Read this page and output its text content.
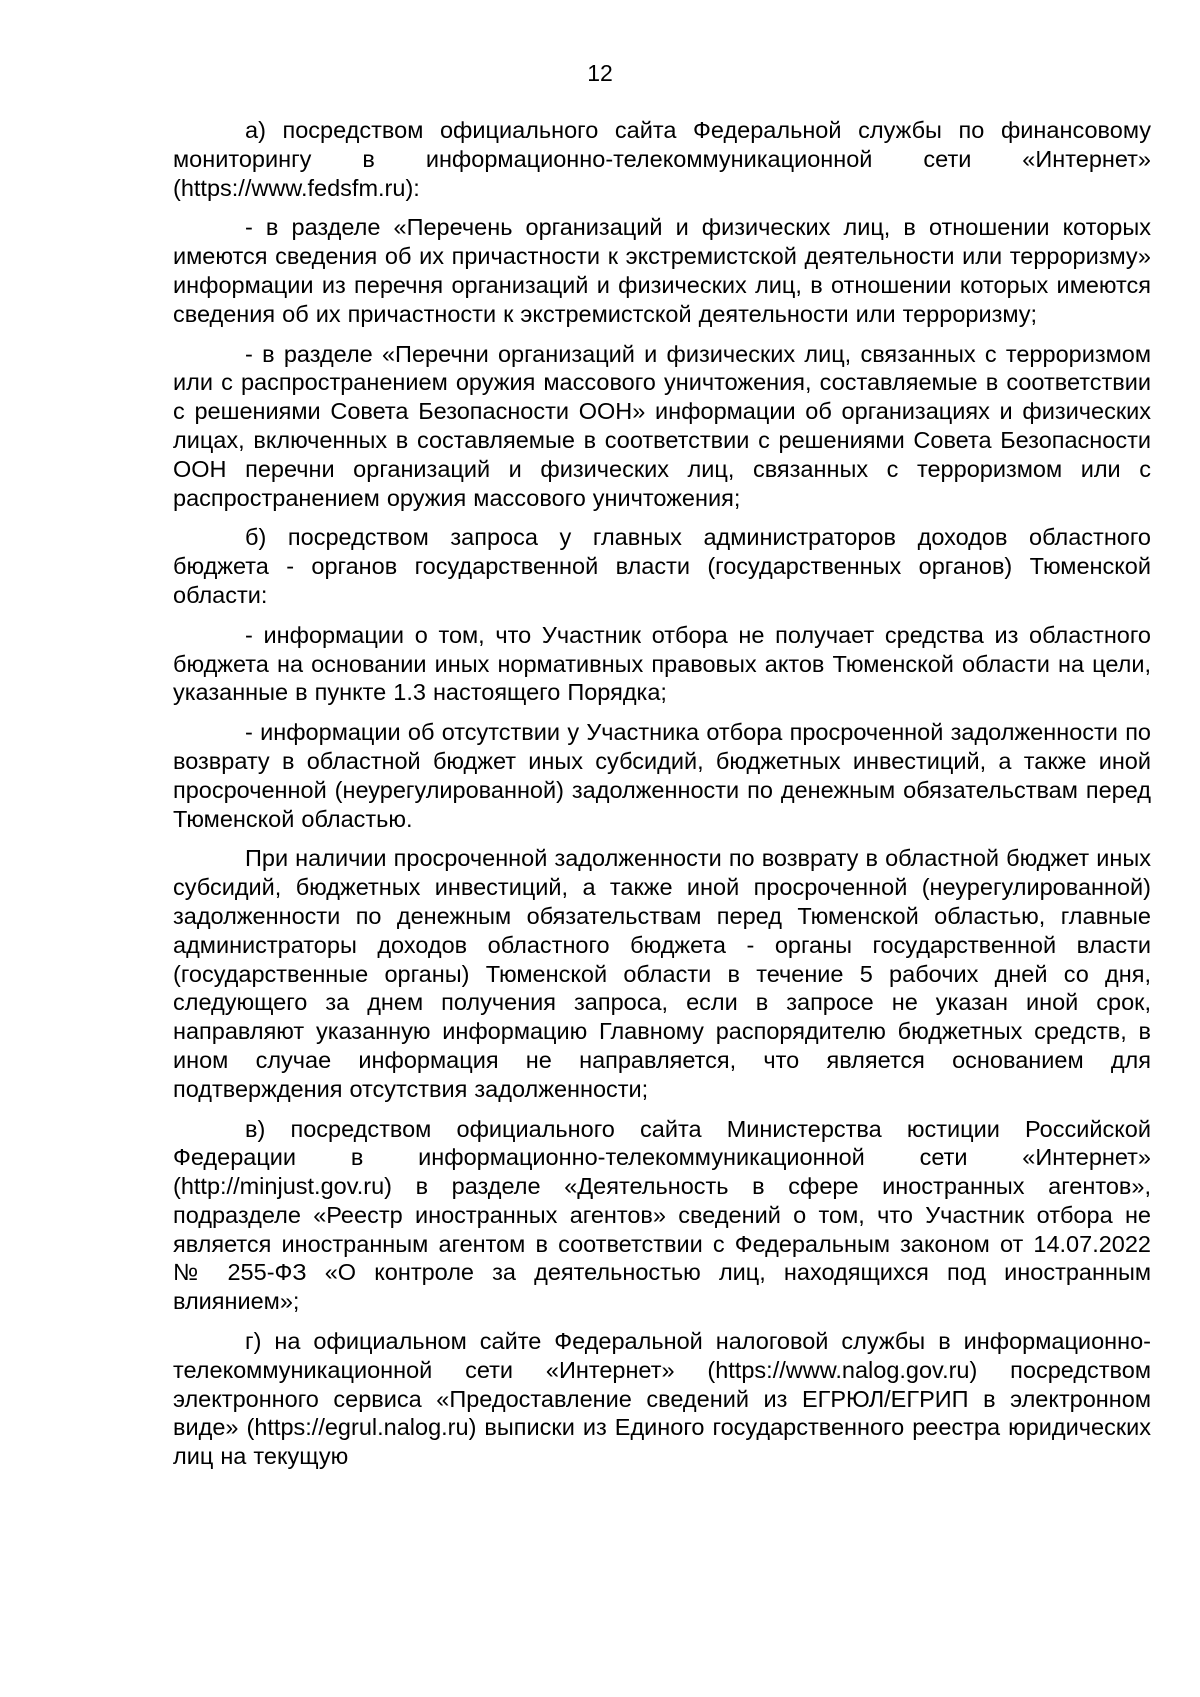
12

а) посредством официального сайта Федеральной службы по финансовому мониторингу в информационно-телекоммуникационной сети «Интернет» (https://www.fedsfm.ru):

- в разделе «Перечень организаций и физических лиц, в отношении которых имеются сведения об их причастности к экстремистской деятельности или терроризму» информации из перечня организаций и физических лиц, в отношении которых имеются сведения об их причастности к экстремистской деятельности или терроризму;

- в разделе «Перечни организаций и физических лиц, связанных с терроризмом или с распространением оружия массового уничтожения, составляемые в соответствии с решениями Совета Безопасности ООН» информации об организациях и физических лицах, включенных в составляемые в соответствии с решениями Совета Безопасности ООН перечни организаций и физических лиц, связанных с терроризмом или с распространением оружия массового уничтожения;

б) посредством запроса у главных администраторов доходов областного бюджета - органов государственной власти (государственных органов) Тюменской области:

- информации о том, что Участник отбора не получает средства из областного бюджета на основании иных нормативных правовых актов Тюменской области на цели, указанные в пункте 1.3 настоящего Порядка;

- информации об отсутствии у Участника отбора просроченной задолженности по возврату в областной бюджет иных субсидий, бюджетных инвестиций, а также иной просроченной (неурегулированной) задолженности по денежным обязательствам перед Тюменской областью.

При наличии просроченной задолженности по возврату в областной бюджет иных субсидий, бюджетных инвестиций, а также иной просроченной (неурегулированной) задолженности по денежным обязательствам перед Тюменской областью, главные администраторы доходов областного бюджета - органы государственной власти (государственные органы) Тюменской области в течение 5 рабочих дней со дня, следующего за днем получения запроса, если в запросе не указан иной срок, направляют указанную информацию Главному распорядителю бюджетных средств, в ином случае информация не направляется, что является основанием для подтверждения отсутствия задолженности;

в) посредством официального сайта Министерства юстиции Российской Федерации в информационно-телекоммуникационной сети «Интернет» (http://minjust.gov.ru) в разделе «Деятельность в сфере иностранных агентов», подразделе «Реестр иностранных агентов» сведений о том, что Участник отбора не является иностранным агентом в соответствии с Федеральным законом от 14.07.2022 № 255-ФЗ «О контроле за деятельностью лиц, находящихся под иностранным влиянием»;

г) на официальном сайте Федеральной налоговой службы в информационно-телекоммуникационной сети «Интернет» (https://www.nalog.gov.ru) посредством электронного сервиса «Предоставление сведений из ЕГРЮЛ/ЕГРИП в электронном виде» (https://egrul.nalog.ru) выписки из Единого государственного реестра юридических лиц на текущую
